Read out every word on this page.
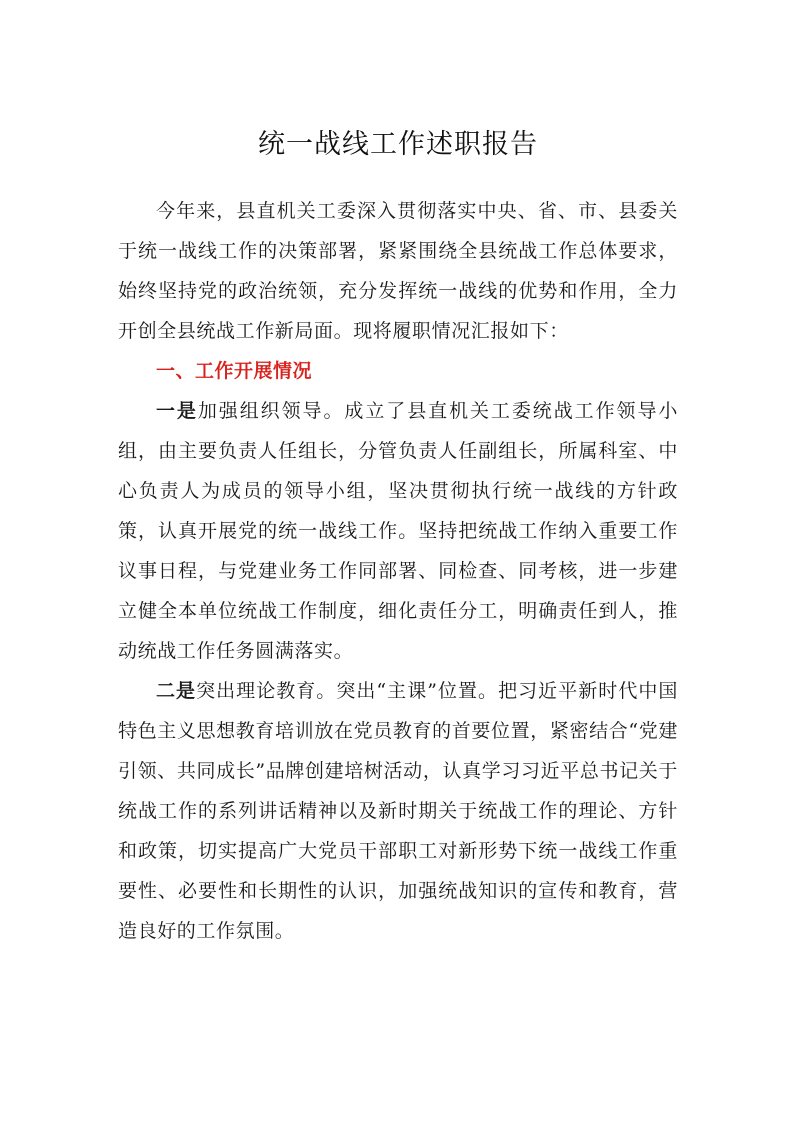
统一战线工作述职报告

今年来，县直机关工委深入贯彻落实中央、省、市、县委关于统一战线工作的决策部署，紧紧围绕全县统战工作总体要求，始终坚持党的政治统领，充分发挥统一战线的优势和作用，全力开创全县统战工作新局面。现将履职情况汇报如下：

一、工作开展情况

一是加强组织领导。成立了县直机关工委统战工作领导小组，由主要负责人任组长，分管负责人任副组长，所属科室、中心负责人为成员的领导小组，坚决贯彻执行统一战线的方针政策，认真开展党的统一战线工作。坚持把统战工作纳入重要工作议事日程，与党建业务工作同部署、同检查、同考核，进一步建立健全本单位统战工作制度，细化责任分工，明确责任到人，推动统战工作任务圆满落实。

二是突出理论教育。突出“主课”位置。把习近平新时代中国特色主义思想教育培训放在党员教育的首要位置，紧密结合“党建引领、共同成长”品牌创建培树活动，认真学习习近平总书记关于统战工作的系列讲话精神以及新时期关于统战工作的理论、方针和政策，切实提高广大党员干部职工对新形势下统一战线工作重要性、必要性和长期性的认识，加强统战知识的宣传和教育，营造良好的工作氛围。
